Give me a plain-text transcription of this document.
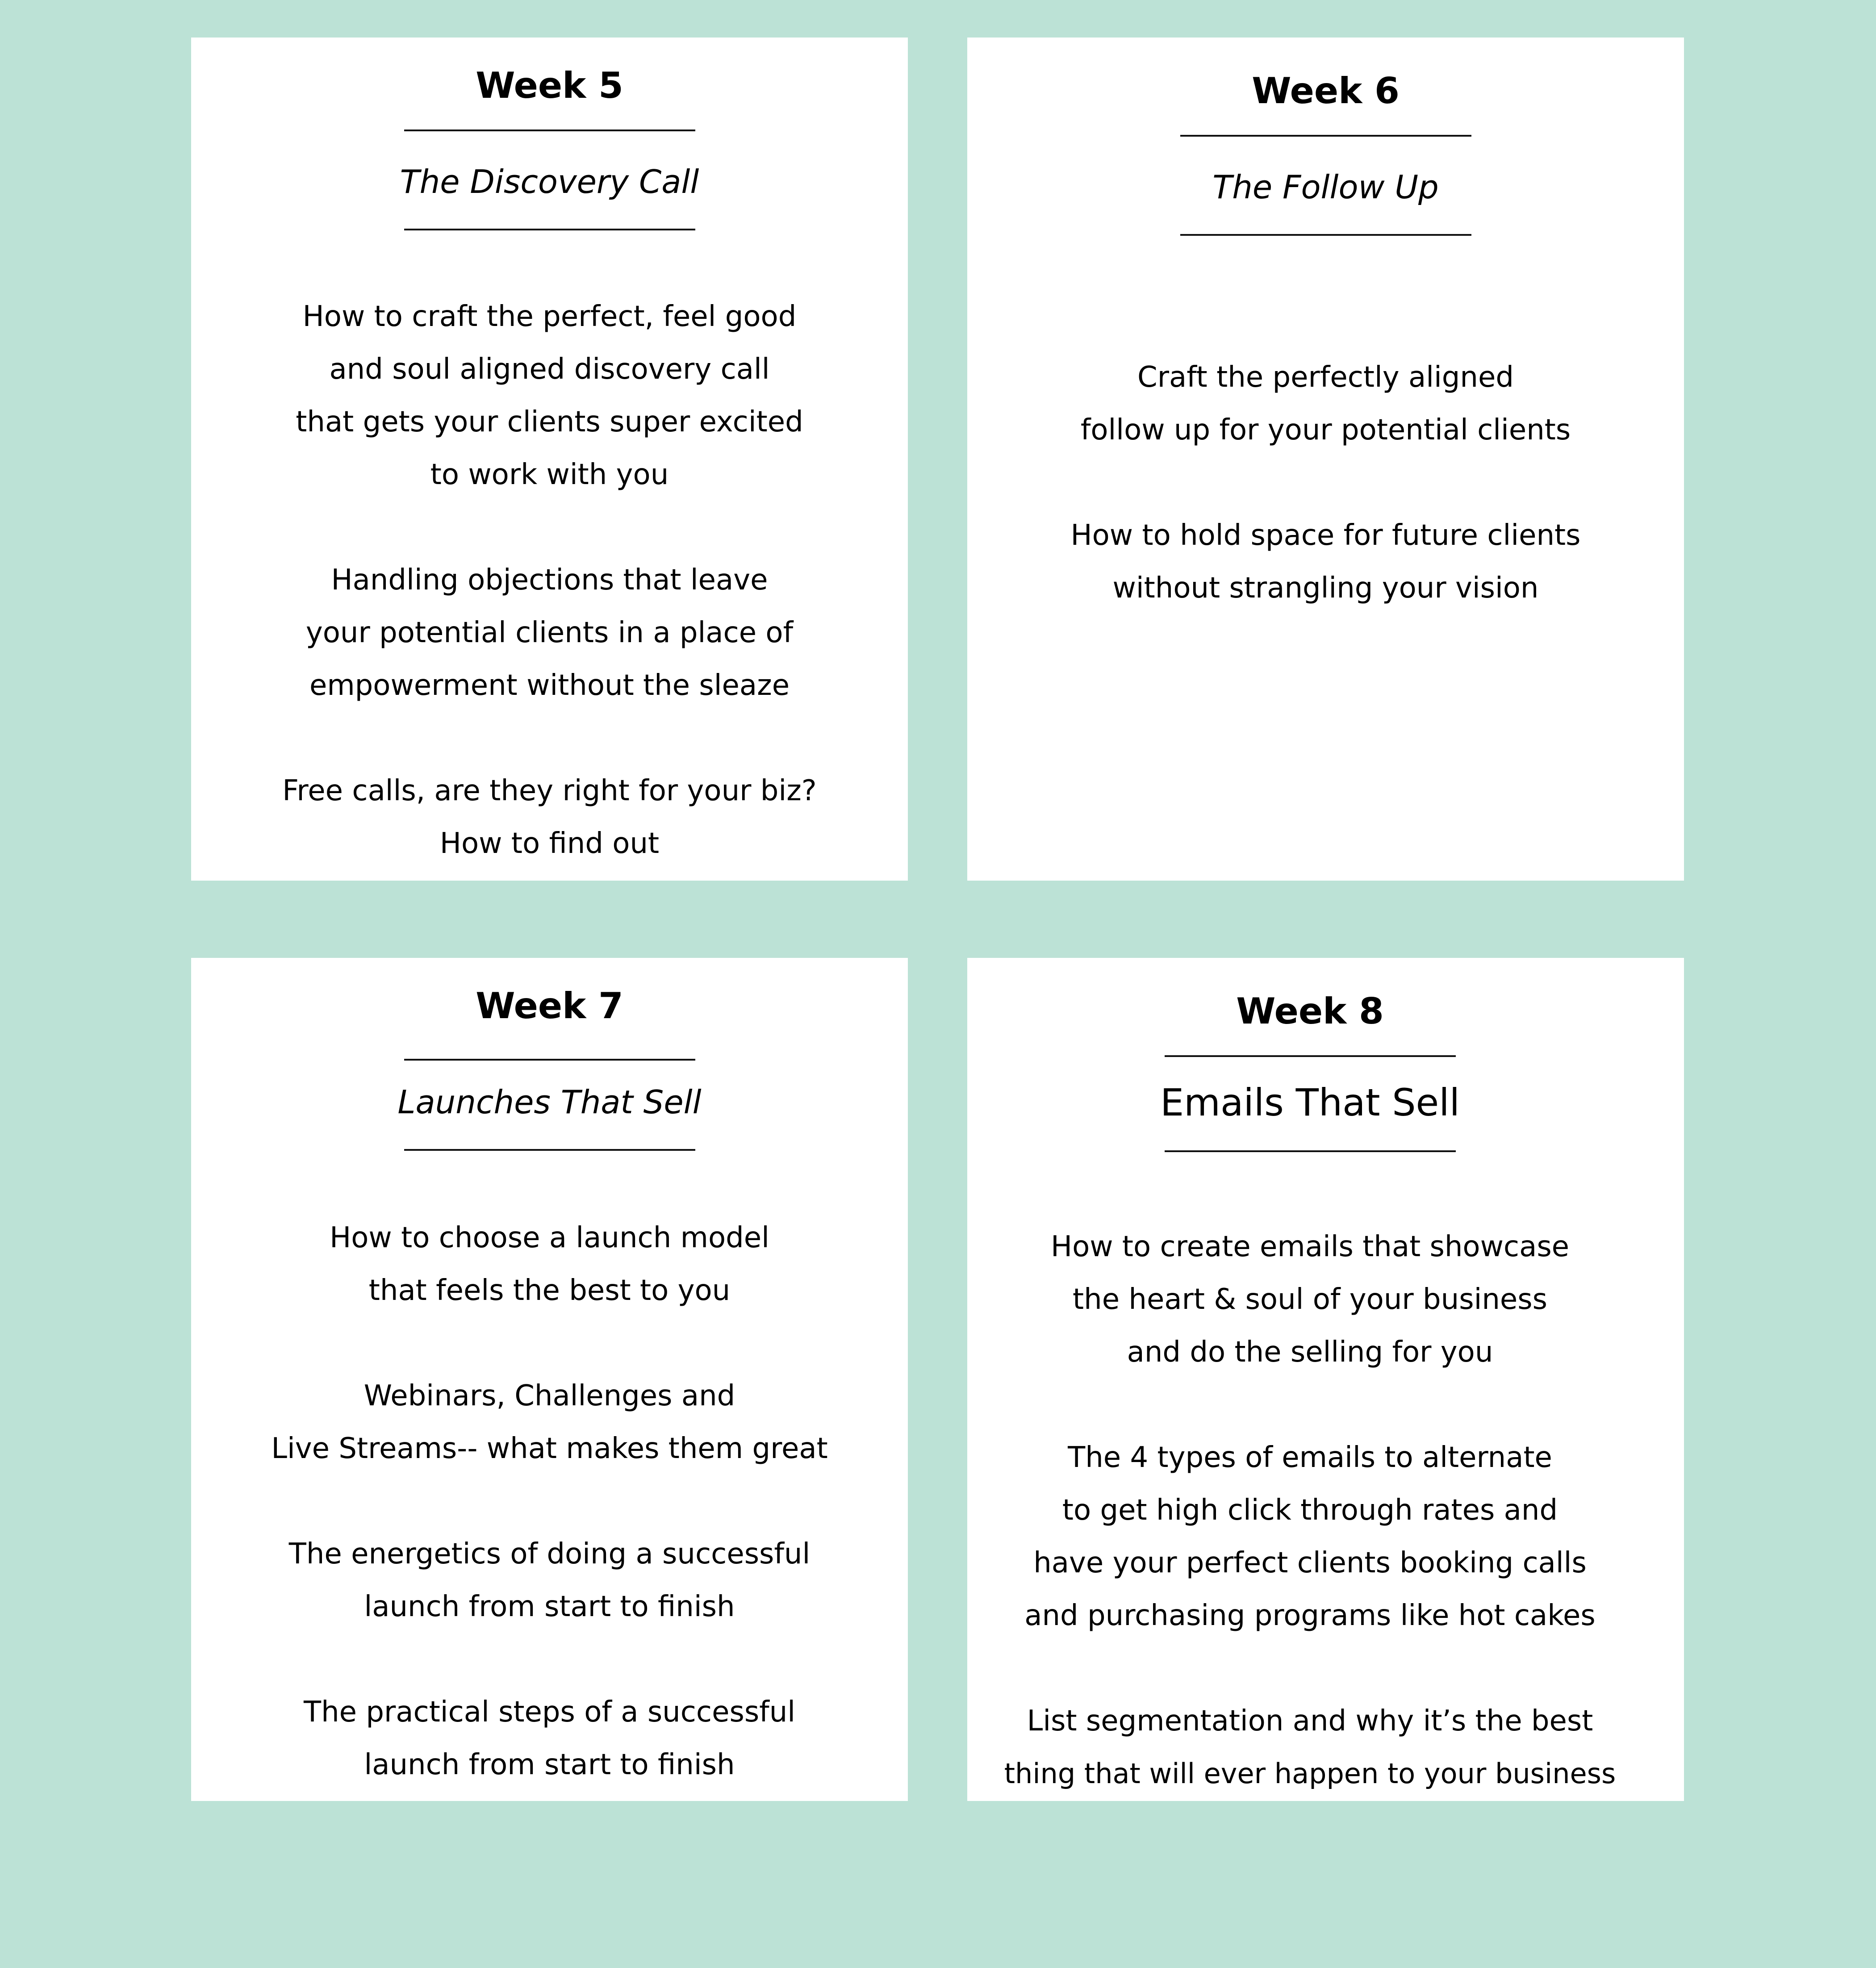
Week 5
The Discovery Call

How to craft the perfect, feel good
and soul aligned discovery call
that gets your clients super excited
to work with you

Handling objections that leave
your potential clients in a place of
empowerment without the sleaze

Free calls, are they right for your biz?
How to find out

Week 6
The Follow Up

Craft the perfectly aligned
follow up for your potential clients

How to hold space for future clients
without strangling your vision

Week 7
Launches That Sell

How to choose a launch model
that feels the best to you

Webinars, Challenges and
Live Streams-- what makes them great

The energetics of doing a successful
launch from start to finish

The practical steps of a successful
launch from start to finish

Week 8
Emails That Sell

How to create emails that showcase
the heart & soul of your business
and do the selling for you

The 4 types of emails to alternate
to get high click through rates and
have your perfect clients booking calls
and purchasing programs like hot cakes

List segmentation and why it’s the best
thing that will ever happen to your business
